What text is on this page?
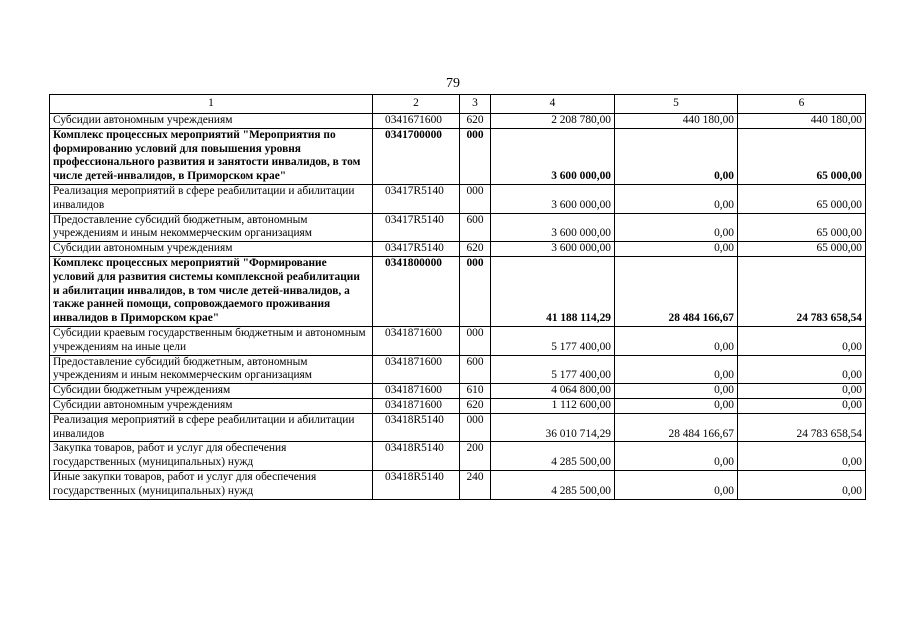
79
1	2	3	4	5	6
Субсидии автономным учреждениям	0341671600	620	2 208 780,00	440 180,00	440 180,00
Комплекс процессных мероприятий "Мероприятия по формированию условий для повышения уровня профессионального развития и занятости инвалидов, в том числе детей-инвалидов, в Приморском крае"	0341700000	000	3 600 000,00	0,00	65 000,00
Реализация мероприятий в сфере реабилитации и абилитации инвалидов	03417R5140	000	3 600 000,00	0,00	65 000,00
Предоставление субсидий бюджетным, автономным учреждениям и иным некоммерческим организациям	03417R5140	600	3 600 000,00	0,00	65 000,00
Субсидии автономным учреждениям	03417R5140	620	3 600 000,00	0,00	65 000,00
Комплекс процессных мероприятий "Формирование условий для развития системы комплексной реабилитации и абилитации инвалидов, в том числе детей-инвалидов, а также ранней помощи, сопровождаемого проживания инвалидов в Приморском крае"	0341800000	000	41 188 114,29	28 484 166,67	24 783 658,54
Субсидии краевым государственным бюджетным и автономным учреждениям на иные цели	0341871600	000	5 177 400,00	0,00	0,00
Предоставление субсидий бюджетным, автономным учреждениям и иным некоммерческим организациям	0341871600	600	5 177 400,00	0,00	0,00
Субсидии бюджетным учреждениям	0341871600	610	4 064 800,00	0,00	0,00
Субсидии автономным учреждениям	0341871600	620	1 112 600,00	0,00	0,00
Реализация мероприятий в сфере реабилитации и абилитации инвалидов	03418R5140	000	36 010 714,29	28 484 166,67	24 783 658,54
Закупка товаров, работ и услуг для обеспечения государственных (муниципальных) нужд	03418R5140	200	4 285 500,00	0,00	0,00
Иные закупки товаров, работ и услуг для обеспечения государственных (муниципальных) нужд	03418R5140	240	4 285 500,00	0,00	0,00
